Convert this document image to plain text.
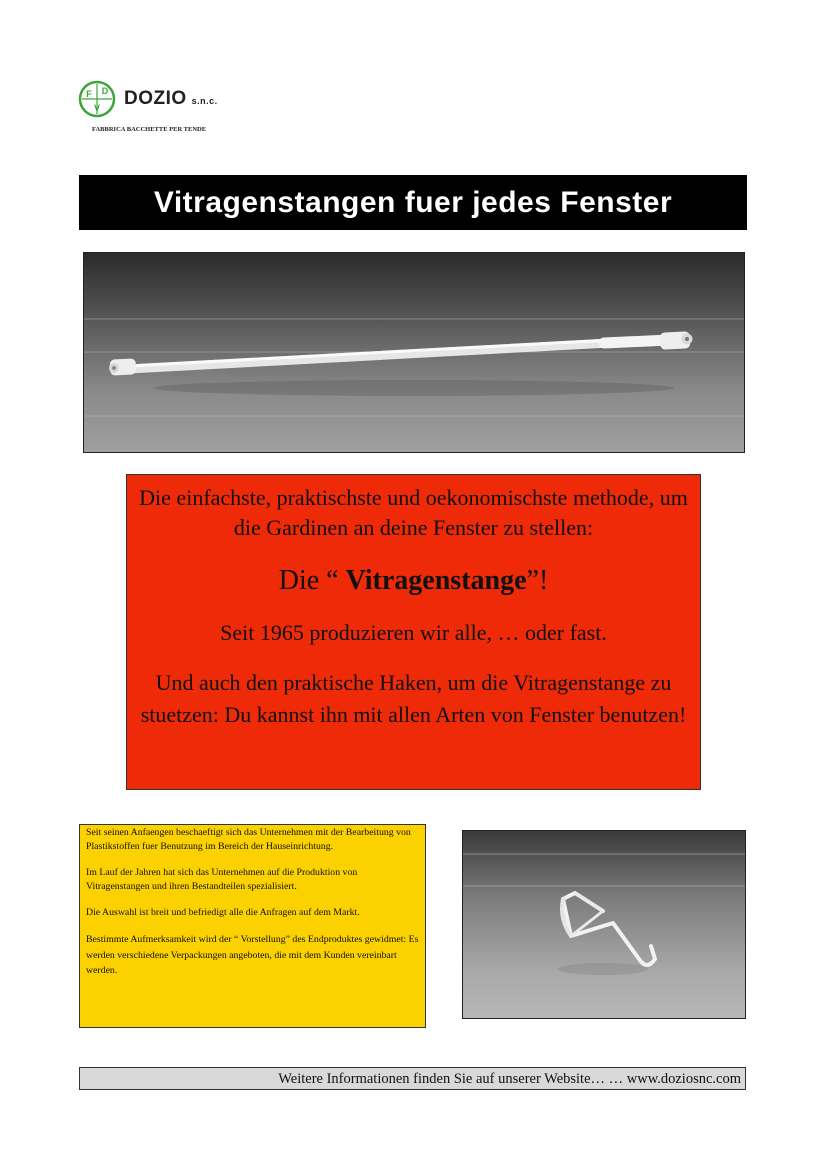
F D
V DOZIO s.n.c.
FABBRICA BACCHETTE PER TENDE
Vitragenstangen fuer jedes Fenster

Die einfachste, praktischste und oekonomischste methode, um die Gardinen an deine Fenster zu stellen:

Die “ Vitragenstange”!

Seit 1965 produzieren wir alle, … oder fast.

Und auch den praktische Haken, um die Vitragenstange zu stuetzen: Du kannst ihn mit allen Arten von Fenster benutzen!

Seit seinen Anfaengen beschaeftigt sich das Unternehmen mit der Bearbeitung von Plastikstoffen fuer Benutzung im Bereich der Hauseinrichtung.

Im Lauf der Jahren hat sich das Unternehmen auf die Produktion von Vitragenstangen und ihren Bestandteilen spezialisiert.

Die Auswahl ist breit und befriedigt alle die Anfragen auf dem Markt.

Bestimmte Aufmerksamkeit wird der “ Vorstellung” des Endproduktes gewidmet: Es werden verschiedene Verpackungen angeboten, die mit dem Kunden vereinbart werden.

Weitere Informationen finden Sie auf unserer Website… … www.doziosnc.com
